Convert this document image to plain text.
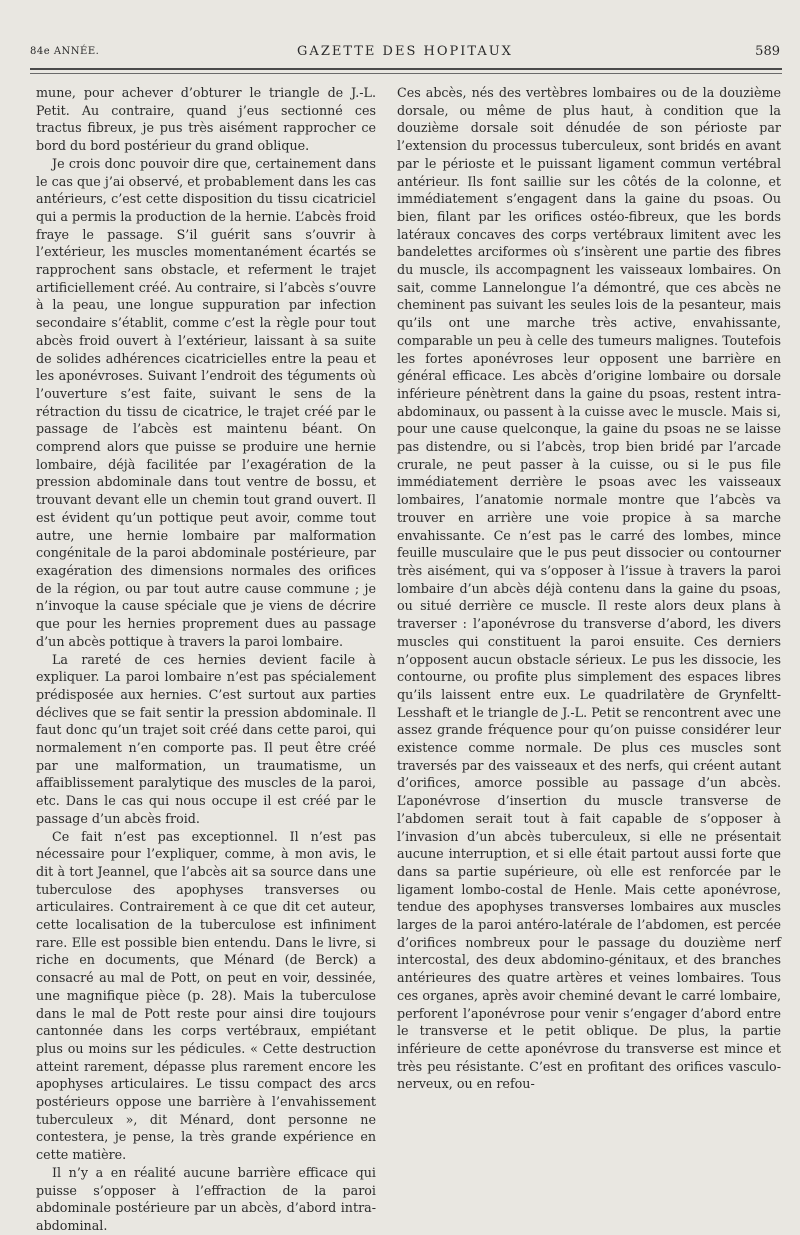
84e ANNÉE.	GAZETTE DES HOPITAUX	589

mune, pour achever d’obturer le triangle de J.-L. Petit. Au contraire, quand j’eus sectionné ces tractus fibreux, je pus très aisément rapprocher ce bord du bord postérieur du grand oblique.

Je crois donc pouvoir dire que, certainement dans le cas que j’ai observé, et probablement dans les cas antérieurs, c’est cette disposition du tissu cicatriciel qui a permis la production de la hernie. L’abcès froid fraye le passage. S’il guérit sans s’ouvrir à l’extérieur, les muscles momentanément écartés se rapprochent sans obstacle, et referment le trajet artificiellement créé. Au contraire, si l’abcès s’ouvre à la peau, une longue suppuration par infection secondaire s’établit, comme c’est la règle pour tout abcès froid ouvert à l’extérieur, laissant à sa suite de solides adhérences cicatricielles entre la peau et les aponévroses. Suivant l’endroit des téguments où l’ouverture s’est faite, suivant le sens de la rétraction du tissu de cicatrice, le trajet créé par le passage de l’abcès est maintenu béant. On comprend alors que puisse se produire une hernie lombaire, déjà facilitée par l’exagération de la pression abdominale dans tout ventre de bossu, et trouvant devant elle un chemin tout grand ouvert. Il est évident qu’un pottique peut avoir, comme tout autre, une hernie lombaire par malformation congénitale de la paroi abdominale postérieure, par exagération des dimensions normales des orifices de la région, ou par tout autre cause commune ; je n’invoque la cause spéciale que je viens de décrire que pour les hernies proprement dues au passage d’un abcès pottique à travers la paroi lombaire.

La rareté de ces hernies devient facile à expliquer. La paroi lombaire n’est pas spécialement prédisposée aux hernies. C’est surtout aux parties déclives que se fait sentir la pression abdominale. Il faut donc qu’un trajet soit créé dans cette paroi, qui normalement n’en comporte pas. Il peut être créé par une malformation, un traumatisme, un affaiblissement paralytique des muscles de la paroi, etc. Dans le cas qui nous occupe il est créé par le passage d’un abcès froid.

Ce fait n’est pas exceptionnel. Il n’est pas nécessaire pour l’expliquer, comme, à mon avis, le dit à tort Jeannel, que l’abcès ait sa source dans une tuberculose des apophyses transverses ou articulaires. Contrairement à ce que dit cet auteur, cette localisation de la tuberculose est infiniment rare. Elle est possible bien entendu. Dans le livre, si riche en documents, que Ménard (de Berck) a consacré au mal de Pott, on peut en voir, dessinée, une magnifique pièce (p. 28). Mais la tuberculose dans le mal de Pott reste pour ainsi dire toujours cantonnée dans les corps vertébraux, empiétant plus ou moins sur les pédicules. « Cette destruction atteint rarement, dépasse plus rarement encore les apophyses articulaires. Le tissu compact des arcs postérieurs oppose une barrière à l’envahissement tuberculeux », dit Ménard, dont personne ne contestera, je pense, la très grande expérience en cette matière.

Il n’y a en réalité aucune barrière efficace qui puisse s’opposer à l’effraction de la paroi abdominale postérieure par un abcès, d’abord intra-abdominal.

Ces abcès, nés des vertèbres lombaires ou de la douzième dorsale, ou même de plus haut, à condition que la douzième dorsale soit dénudée de son périoste par l’extension du processus tuberculeux, sont bridés en avant par le périoste et le puissant ligament commun vertébral antérieur. Ils font saillie sur les côtés de la colonne, et immédiatement s’engagent dans la gaine du psoas. Ou bien, filant par les orifices ostéo-fibreux, que les bords latéraux concaves des corps vertébraux limitent avec les bandelettes arciformes où s’insèrent une partie des fibres du muscle, ils accompagnent les vaisseaux lombaires. On sait, comme Lannelongue l’a démontré, que ces abcès ne cheminent pas suivant les seules lois de la pesanteur, mais qu’ils ont une marche très active, envahissante, comparable un peu à celle des tumeurs malignes. Toutefois les fortes aponévroses leur opposent une barrière en général efficace. Les abcès d’origine lombaire ou dorsale inférieure pénètrent dans la gaine du psoas, restent intra-abdominaux, ou passent à la cuisse avec le muscle. Mais si, pour une cause quelconque, la gaine du psoas ne se laisse pas distendre, ou si l’abcès, trop bien bridé par l’arcade crurale, ne peut passer à la cuisse, ou si le pus file immédiatement derrière le psoas avec les vaisseaux lombaires, l’anatomie normale montre que l’abcès va trouver en arrière une voie propice à sa marche envahissante. Ce n’est pas le carré des lombes, mince feuille musculaire que le pus peut dissocier ou contourner très aisément, qui va s’opposer à l’issue à travers la paroi lombaire d’un abcès déjà contenu dans la gaine du psoas, ou situé derrière ce muscle. Il reste alors deux plans à traverser : l’aponévrose du transverse d’abord, les divers muscles qui constituent la paroi ensuite. Ces derniers n’opposent aucun obstacle sérieux. Le pus les dissocie, les contourne, ou profite plus simplement des espaces libres qu’ils laissent entre eux. Le quadrilatère de Grynfeltt-Lesshaft et le triangle de J.-L. Petit se rencontrent avec une assez grande fréquence pour qu’on puisse considérer leur existence comme normale. De plus ces muscles sont traversés par des vaisseaux et des nerfs, qui créent autant d’orifices, amorce possible au passage d’un abcès. L’aponévrose d’insertion du muscle transverse de l’abdomen serait tout à fait capable de s’opposer à l’invasion d’un abcès tuberculeux, si elle ne présentait aucune interruption, et si elle était partout aussi forte que dans sa partie supérieure, où elle est renforcée par le ligament lombo-costal de Henle. Mais cette aponévrose, tendue des apophyses transverses lombaires aux muscles larges de la paroi antéro-latérale de l’abdomen, est percée d’orifices nombreux pour le passage du douzième nerf intercostal, des deux abdomino-génitaux, et des branches antérieures des quatre artères et veines lombaires. Tous ces organes, après avoir cheminé devant le carré lombaire, perforent l’aponévrose pour venir s’engager d’abord entre le transverse et le petit oblique. De plus, la partie inférieure de cette aponévrose du transverse est mince et très peu résistante. C’est en profitant des orifices vasculo-nerveux, ou en refou-
